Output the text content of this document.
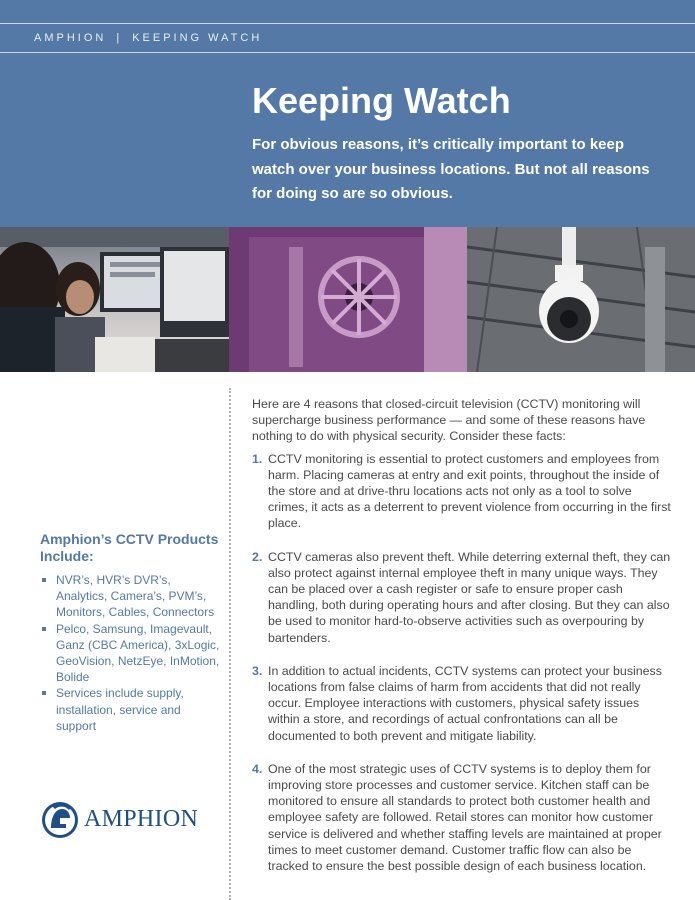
AMPHION | KEEPING WATCH
Keeping Watch
For obvious reasons, it’s critically important to keep watch over your business locations. But not all reasons for doing so are so obvious.
Amphion’s CCTV Products Include:
NVR’s, HVR’s DVR’s, Analytics, Camera’s, PVM’s, Monitors, Cables, Connectors
Pelco, Samsung, Imagevault, Ganz (CBC America), 3xLogic, GeoVision, NetzEye, InMotion, Bolide
Services include supply, installation, service and support
AMPHION

Here are 4 reasons that closed-circuit television (CCTV) monitoring will supercharge business performance — and some of these reasons have nothing to do with physical security. Consider these facts:

1. CCTV monitoring is essential to protect customers and employees from harm. Placing cameras at entry and exit points, throughout the inside of the store and at drive-thru locations acts not only as a tool to solve crimes, it acts as a deterrent to prevent violence from occurring in the first place.
2. CCTV cameras also prevent theft. While deterring external theft, they can also protect against internal employee theft in many unique ways. They can be placed over a cash register or safe to ensure proper cash handling, both during operating hours and after closing. But they can also be used to monitor hard-to-observe activities such as overpouring by bartenders.
3. In addition to actual incidents, CCTV systems can protect your business locations from false claims of harm from accidents that did not really occur. Employee interactions with customers, physical safety issues within a store, and recordings of actual confrontations can all be documented to both prevent and mitigate liability.
4. One of the most strategic uses of CCTV systems is to deploy them for improving store processes and customer service. Kitchen staff can be monitored to ensure all standards to protect both customer health and employee safety are followed. Retail stores can monitor how customer service is delivered and whether staffing levels are maintained at proper times to meet customer demand. Customer traffic flow can also be tracked to ensure the best possible design of each business location.
